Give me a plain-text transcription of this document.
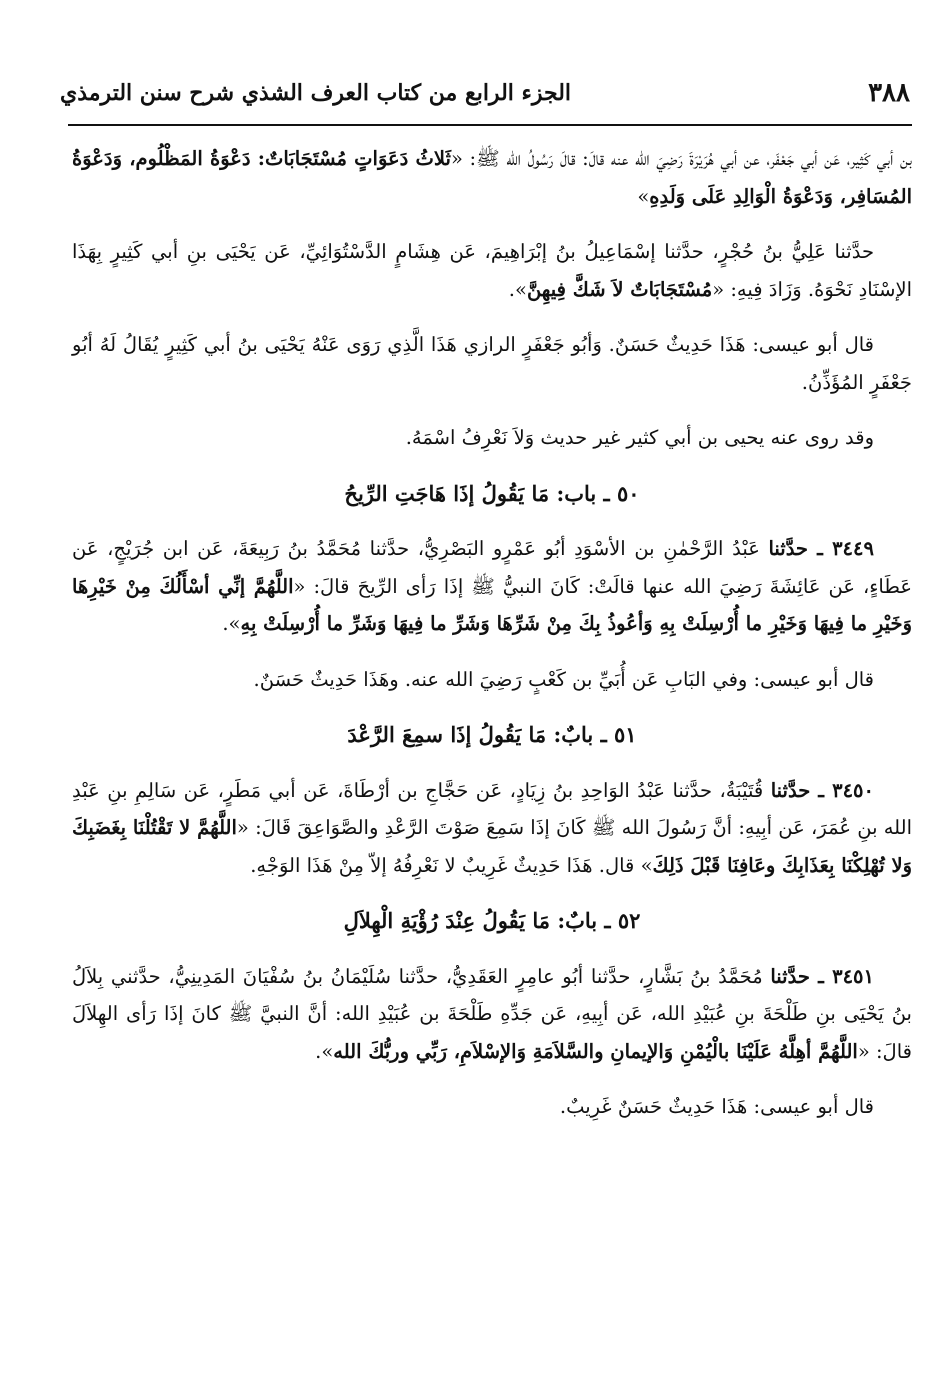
٣٨٨
الجزء الرابع من كتاب العرف الشذي شرح سنن الترمذي

بن أبي كَثِير، عَن أبي جَعْفَر، عن أبي هُرَيْرَةَ رَضِيَ الله عنه قالَ: قالَ رَسُولُ الله ﷺ: «ثَلاثُ دَعَوَاتٍ مُسْتَجَابَاتٌ: دَعْوَةُ المَظْلُوم، وَدَعْوَةُ المُسَافِر، وَدَعْوَةُ الْوَالِدِ عَلَى وَلَدِهِ»

حدَّثنا عَلِيُّ بنُ حُجْرٍ، حدَّثنا إسْمَاعِيلُ بنُ إبْرَاهِيمَ، عَن هِشَامٍ الدَّسْتُوَائِيِّ، عَن يَحْيَى بنِ أبي كَثِيرٍ بِهَذَا الإسْنَادِ نَحْوَهُ. وَزَادَ فِيهِ: «مُسْتَجَابَاتٌ لاَ شَكَّ فِيهِنَّ».

قال أبو عيسى: هَذَا حَدِيثٌ حَسَنٌ. وَأبُو جَعْفَرٍ الرازي هَذَا الَّذِي رَوَى عَنْهُ يَحْيَى بنُ أبي كَثِيرٍ يُقَالُ لَهُ أبُو جَعْفَرٍ المُؤَذِّنُ.

وقد روى عنه يحيى بن أبي كثير غير حديث وَلاَ نَعْرِفُ اسْمَهُ.

٥٠ ـ باب: مَا يَقُولُ إذَا هَاجَتِ الرِّيحُ

٣٤٤٩ ـ حدَّثنا عَبْدُ الرَّحْمٰنِ بن الأسْوَدِ أبُو عَمْرٍو البَصْرِيُّ، حدَّثنا مُحَمَّدُ بنُ رَبِيعَةَ، عَن ابن جُرَيْجٍ، عَن عَطَاءٍ، عَن عَائِشَةَ رَضِيَ الله عنها قالَتْ: كَانَ النبيُّ ﷺ إذَا رَأى الرِّيحَ قالَ: «اللَّهُمَّ إنِّي أسْأَلُكَ مِنْ خَيْرِهَا وَخَيْرِ ما فِيهَا وَخَيْرِ ما أُرْسِلَتْ بِهِ وَأعُوذُ بِكَ مِنْ شَرِّهَا وَشَرِّ ما فِيهَا وَشَرِّ ما أُرْسِلَتْ بِهِ».

قال أبو عيسى: وفي البَابِ عَن أُبَيِّ بن كَعْبٍ رَضِيَ الله عنه. وهَذَا حَدِيثٌ حَسَنٌ.

٥١ ـ بابٌ: مَا يَقُولُ إذَا سمِعَ الرَّعْدَ

٣٤٥٠ ـ حدَّثنا قُتَيْبَةُ، حدَّثنا عَبْدُ الوَاحِدِ بنُ زِيَادٍ، عَن حَجَّاجِ بن أرْطَاةَ، عَن أبي مَطَرٍ، عَن سَالِمِ بنِ عَبْدِ الله بنِ عُمَرَ، عَن أبِيهِ: أنَّ رَسُولَ الله ﷺ كَانَ إذَا سَمِعَ صَوْتَ الرَّعْدِ والصَّوَاعِقَ قَالَ: «اللَّهُمَّ لا تَقْتُلْنَا بِغَضَبِكَ وَلا تُهْلِكْنَا بِعَذَابِكَ وعَافِنَا قَبْلَ ذَلِكَ» قال. هَذَا حَدِيثٌ غَرِيبٌ لا نَعْرِفُهُ إلاّ مِنْ هَذَا الوَجْهِ.

٥٢ ـ بابٌ: مَا يَقُولُ عِنْدَ رُؤْيَةِ الْهِلاَلِ

٣٤٥١ ـ حدَّثنا مُحَمَّدُ بنُ بَشَّارٍ، حدَّثنا أبُو عامِرٍ العَقَدِيُّ، حدَّثنا سُلَيْمَانُ بنُ سُفْيَانَ المَدِينِيُّ، حدَّثني بِلاَلُ بنُ يَحْيَى بنِ طَلْحَةَ بنِ عُبَيْدِ الله، عَن أبِيهِ، عَن جَدِّهِ طَلْحَةَ بن عُبَيْدِ الله: أنَّ النبيَّ ﷺ كانَ إذَا رَأى الهِلاَلَ قالَ: «اللَّهُمَّ أهِلَّهُ عَلَيْنَا بالْيُمْنِ وَالإيمانِ والسَّلاَمَةِ وَالإسْلاَمِ، رَبِّي وربُّكَ الله».

قال أبو عيسى: هَذَا حَدِيثٌ حَسَنٌ غَرِيبٌ.
